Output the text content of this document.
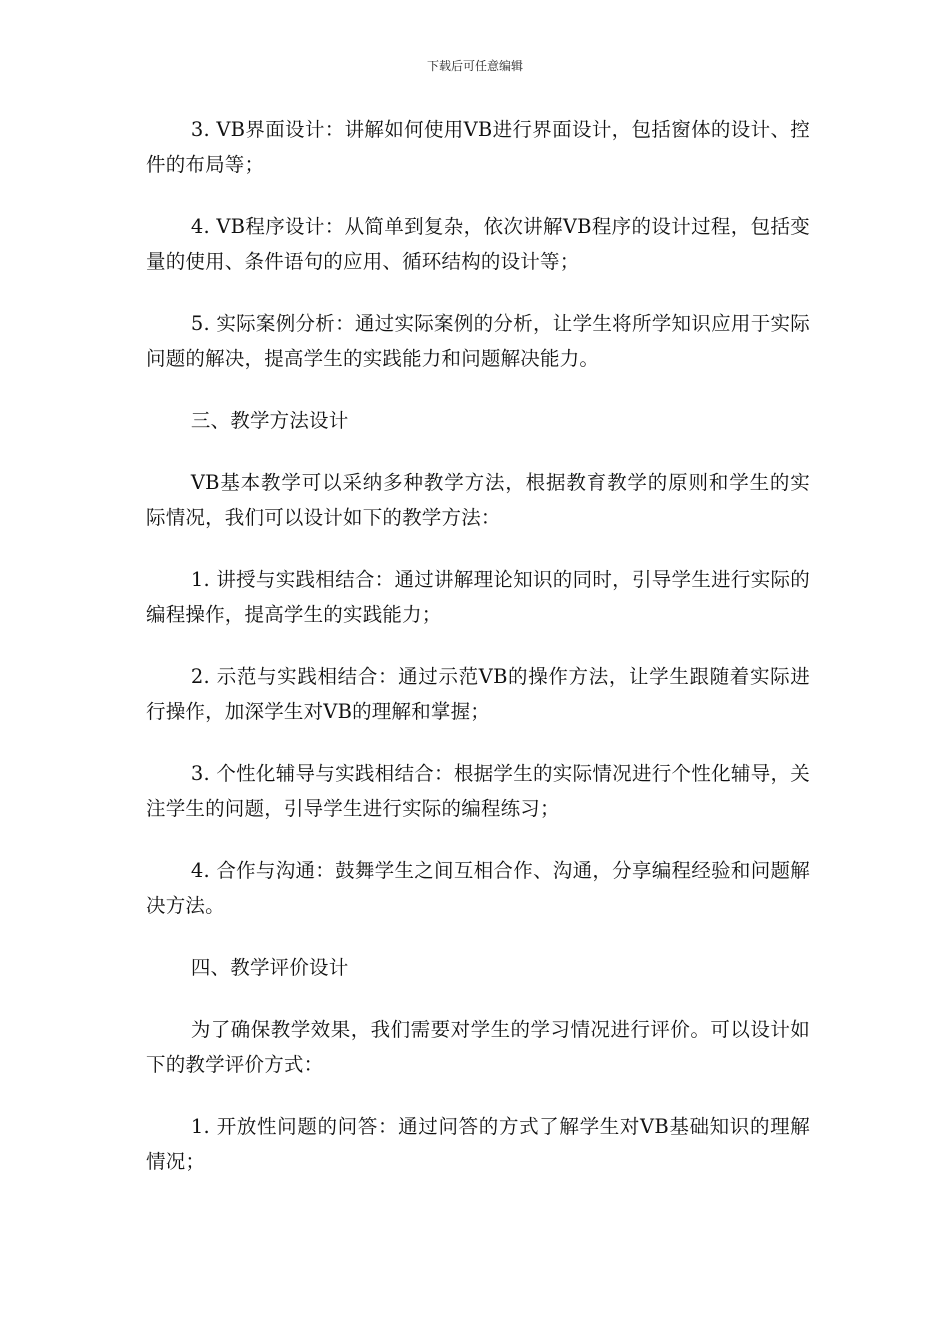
下载后可任意编辑

3. VB界面设计：讲解如何使用VB进行界面设计，包括窗体的设计、控件的布局等；

4. VB程序设计：从简单到复杂，依次讲解VB程序的设计过程，包括变量的使用、条件语句的应用、循环结构的设计等；

5. 实际案例分析：通过实际案例的分析，让学生将所学知识应用于实际问题的解决，提高学生的实践能力和问题解决能力。

三、教学方法设计

VB基本教学可以采纳多种教学方法，根据教育教学的原则和学生的实际情况，我们可以设计如下的教学方法：

1. 讲授与实践相结合：通过讲解理论知识的同时，引导学生进行实际的编程操作，提高学生的实践能力；

2. 示范与实践相结合：通过示范VB的操作方法，让学生跟随着实际进行操作，加深学生对VB的理解和掌握；

3. 个性化辅导与实践相结合：根据学生的实际情况进行个性化辅导，关注学生的问题，引导学生进行实际的编程练习；

4. 合作与沟通：鼓舞学生之间互相合作、沟通，分享编程经验和问题解决方法。

四、教学评价设计

为了确保教学效果，我们需要对学生的学习情况进行评价。可以设计如下的教学评价方式：

1. 开放性问题的问答：通过问答的方式了解学生对VB基础知识的理解情况；
